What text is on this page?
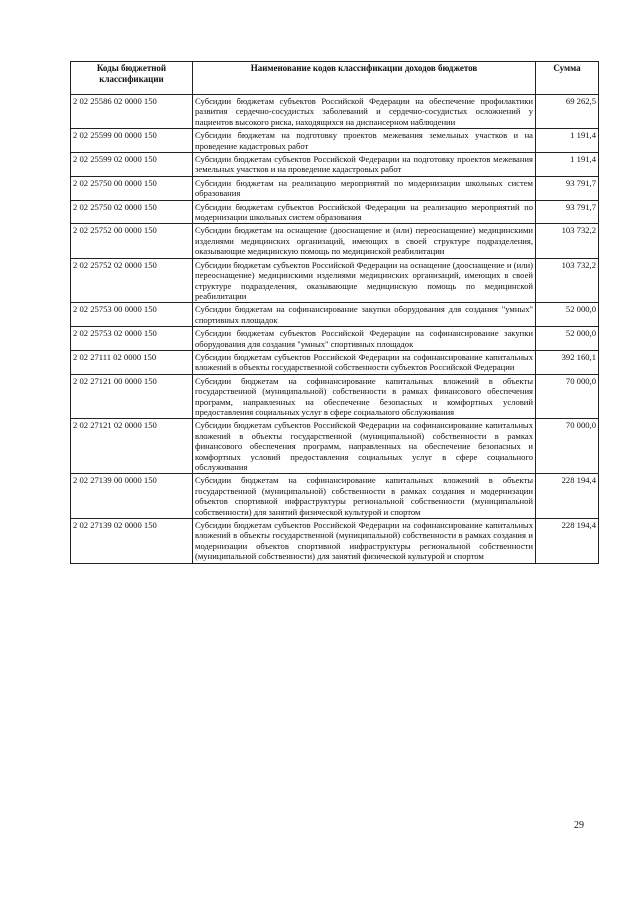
Коды бюджетной классификации	Наименование кодов классификации доходов бюджетов	Сумма
2 02 25586 02 0000 150	Субсидии бюджетам субъектов Российской Федерации на обеспечение профилактики развития сердечно-сосудистых заболеваний и сердечно-сосудистых осложнений у пациентов высокого риска, находящихся на диспансерном наблюдении	69 262,5
2 02 25599 00 0000 150	Субсидии бюджетам на подготовку проектов межевания земельных участков и на проведение кадастровых работ	1 191,4
2 02 25599 02 0000 150	Субсидии бюджетам субъектов Российской Федерации на подготовку проектов межевания земельных участков и на проведение кадастровых работ	1 191,4
2 02 25750 00 0000 150	Субсидии бюджетам на реализацию мероприятий по модернизации школьных систем образования	93 791,7
2 02 25750 02 0000 150	Субсидии бюджетам субъектов Российской Федерации на реализацию мероприятий по модернизации школьных систем образования	93 791,7
2 02 25752 00 0000 150	Субсидии бюджетам на оснащение (дооснащение и (или) переоснащение) медицинскими изделиями медицинских организаций, имеющих в своей структуре подразделения, оказывающие медицинскую помощь по медицинской реабилитации	103 732,2
2 02 25752 02 0000 150	Субсидии бюджетам субъектов Российской Федерации на оснащение (дооснащение и (или) переоснащение) медицинскими изделиями медицинских организаций, имеющих в своей структуре подразделения, оказывающие медицинскую помощь по медицинской реабилитации	103 732,2
2 02 25753 00 0000 150	Субсидии бюджетам на софинансирование закупки оборудования для создания "умных" спортивных площадок	52 000,0
2 02 25753 02 0000 150	Субсидии бюджетам субъектов Российской Федерации на софинансирование закупки оборудования для создания "умных" спортивных площадок	52 000,0
2 02 27111 02 0000 150	Субсидии бюджетам субъектов Российской Федерации на софинансирование капитальных вложений в объекты государственной собственности субъектов Российской Федерации	392 160,1
2 02 27121 00 0000 150	Субсидии бюджетам на софинансирование капитальных вложений в объекты государственной (муниципальной) собственности в рамках финансового обеспечения программ, направленных на обеспечение безопасных и комфортных условий предоставления социальных услуг в сфере социального обслуживания	70 000,0
2 02 27121 02 0000 150	Субсидии бюджетам субъектов Российской Федерации на софинансирование капитальных вложений в объекты государственной (муниципальной) собственности в рамках финансового обеспечения программ, направленных на обеспечение безопасных и комфортных условий предоставления социальных услуг в сфере социального обслуживания	70 000,0
2 02 27139 00 0000 150	Субсидии бюджетам на софинансирование капитальных вложений в объекты государственной (муниципальной) собственности в рамках создания и модернизации объектов спортивной инфраструктуры региональной собственности (муниципальной собственности) для занятий физической культурой и спортом	228 194,4
2 02 27139 02 0000 150	Субсидии бюджетам субъектов Российской Федерации на софинансирование капитальных вложений в объекты государственной (муниципальной) собственности в рамках создания и модернизации объектов спортивной инфраструктуры региональной собственности (муниципальной собственности) для занятий физической культурой и спортом	228 194,4
29
